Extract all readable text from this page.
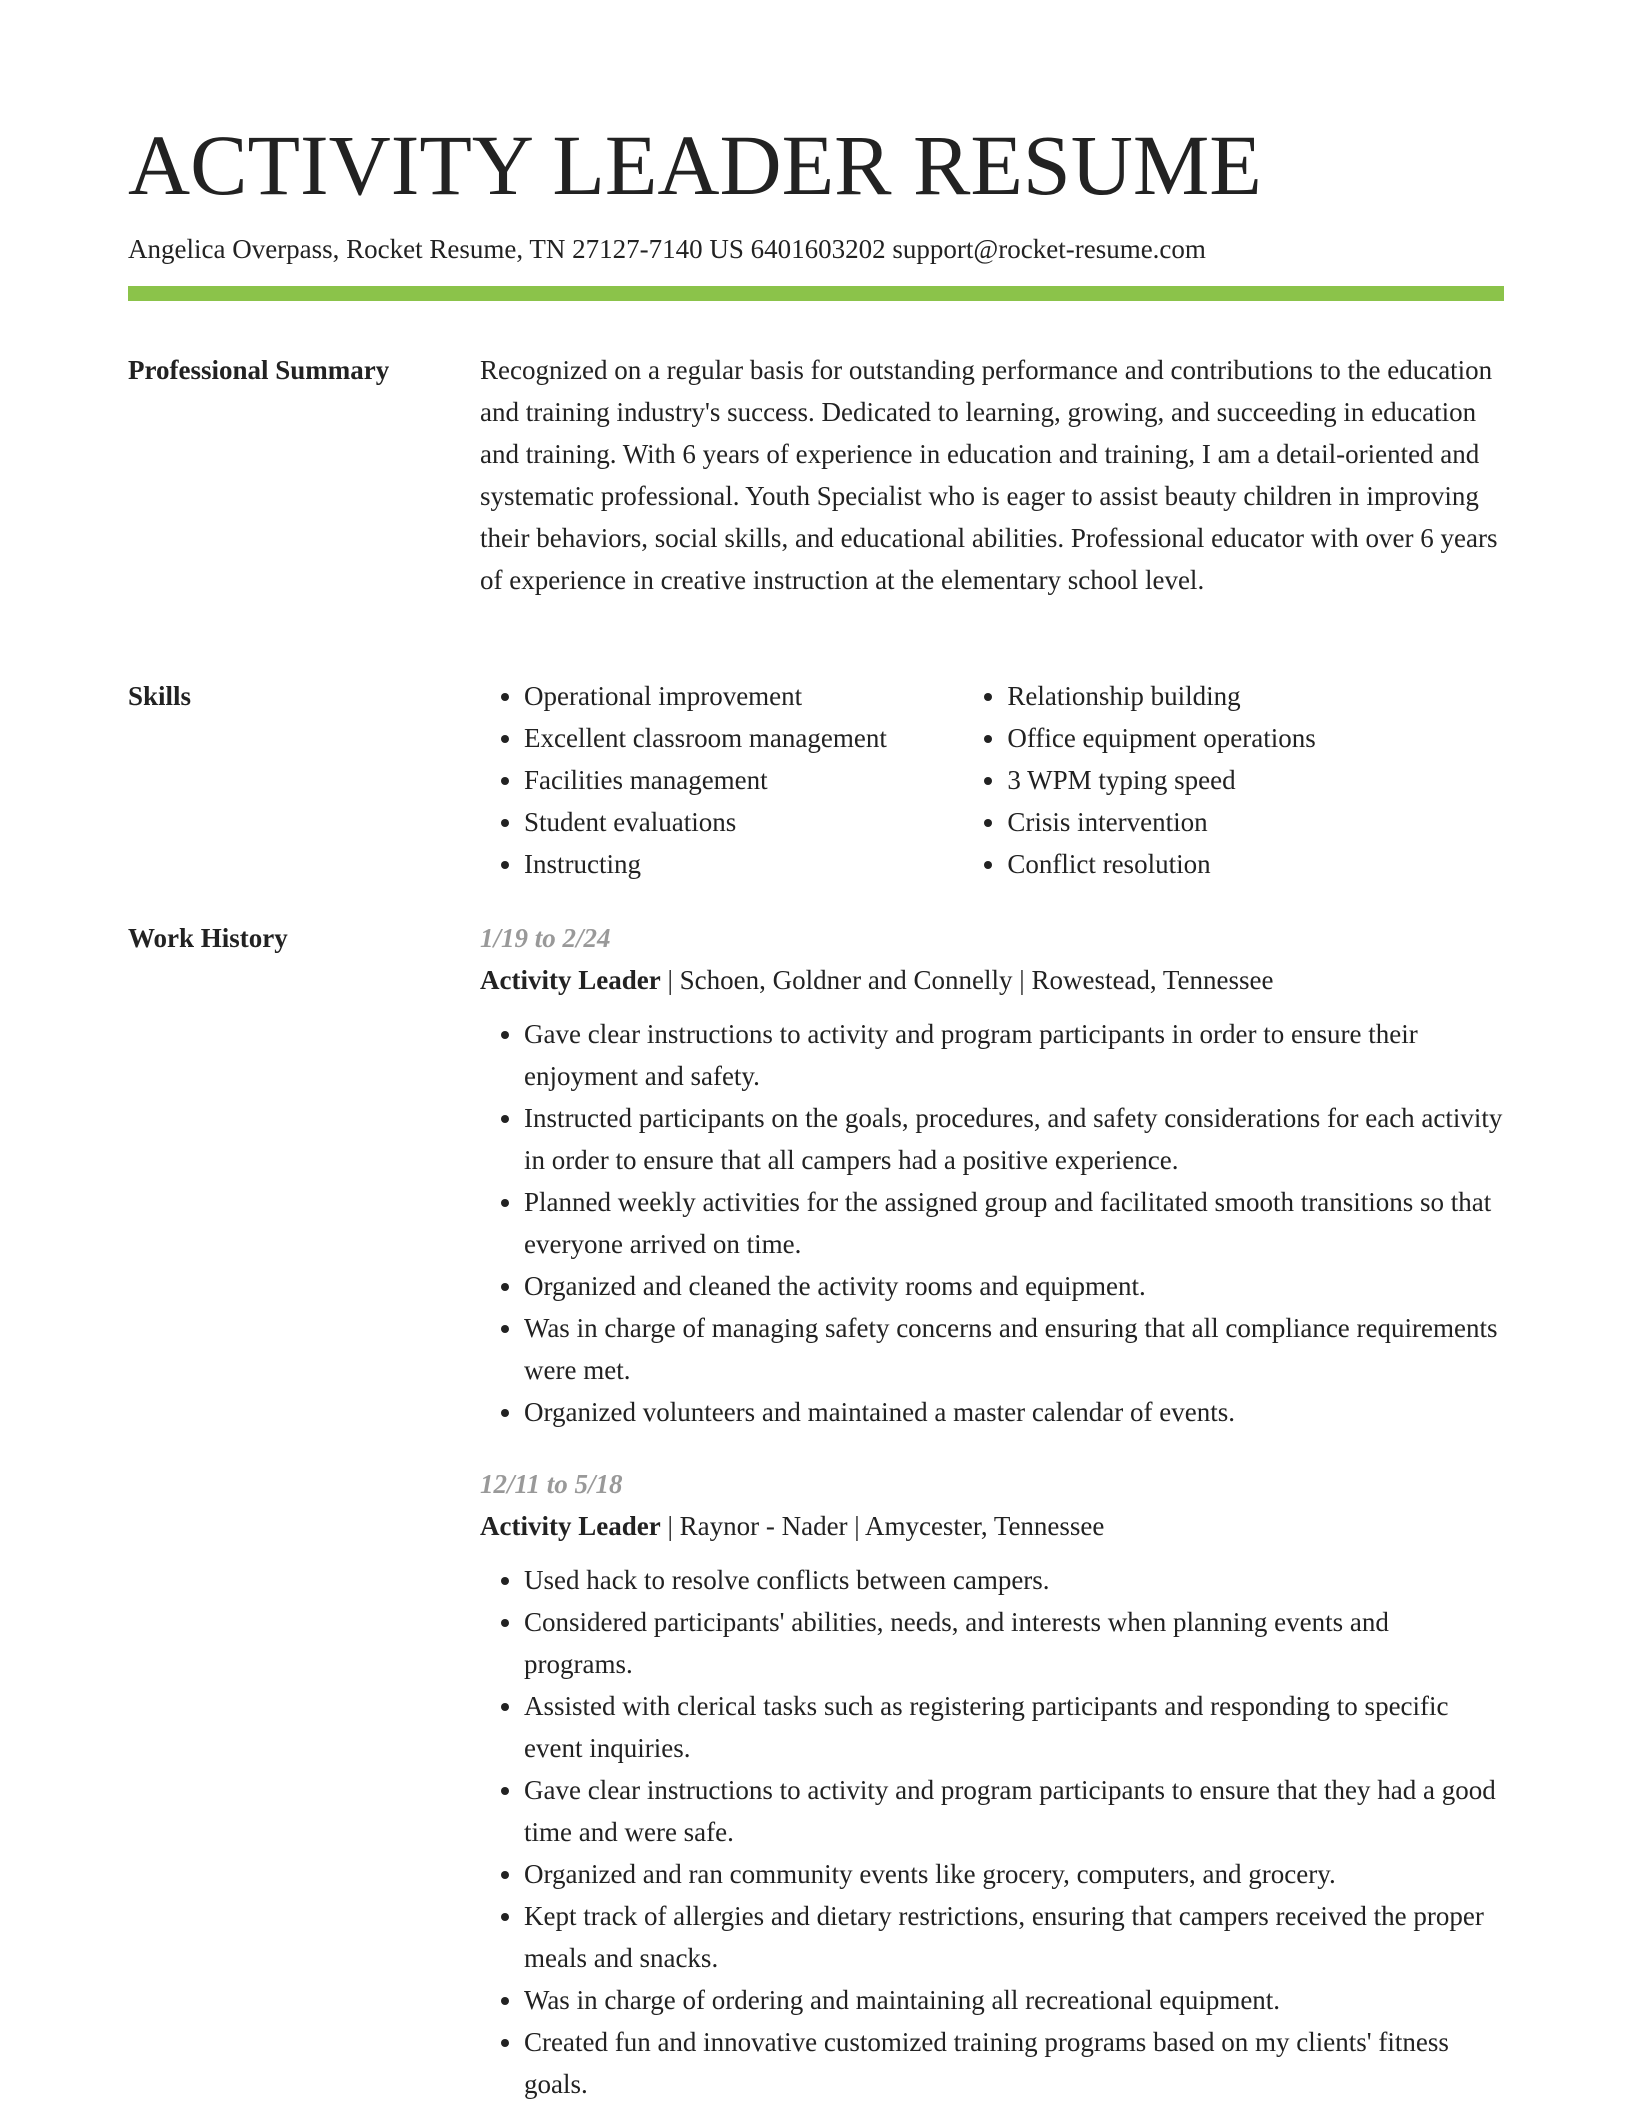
ACTIVITY LEADER RESUME
Angelica Overpass, Rocket Resume, TN 27127-7140 US 6401603202 support@rocket-resume.com
Professional Summary	Recognized on a regular basis for outstanding performance and contributions to the education and training industry's success. Dedicated to learning, growing, and succeeding in education and training. With 6 years of experience in education and training, I am a detail-oriented and systematic professional. Youth Specialist who is eager to assist beauty children in improving their behaviors, social skills, and educational abilities. Professional educator with over 6 years of experience in creative instruction at the elementary school level.

Skills
•	Operational improvement
• Excellent classroom management
• Facilities management
• Student evaluations
• Instructing
• Relationship building
• Office equipment operations
• 3 WPM typing speed
• Crisis intervention
• Conflict resolution
Work History	1/19 to 2/24
Activity Leader | Schoen, Goldner and Connelly | Rowestead, Tennessee
• Gave clear instructions to activity and program participants in order to ensure their enjoyment and safety.
• Instructed participants on the goals, procedures, and safety considerations for each activity in order to ensure that all campers had a positive experience.
• Planned weekly activities for the assigned group and facilitated smooth transitions so that everyone arrived on time.
• Organized and cleaned the activity rooms and equipment.
• Was in charge of managing safety concerns and ensuring that all compliance requirements were met.
• Organized volunteers and maintained a master calendar of events.
12/11 to 5/18
Activity Leader | Raynor - Nader | Amycester, Tennessee
• Used hack to resolve conflicts between campers.
• Considered participants' abilities, needs, and interests when planning events and programs.
• Assisted with clerical tasks such as registering participants and responding to specific event inquiries.
• Gave clear instructions to activity and program participants to ensure that they had a good time and were safe.
• Organized and ran community events like grocery, computers, and grocery.
• Kept track of allergies and dietary restrictions, ensuring that campers received the proper meals and snacks.
• Was in charge of ordering and maintaining all recreational equipment.
• Created fun and innovative customized training programs based on my clients' fitness goals.
